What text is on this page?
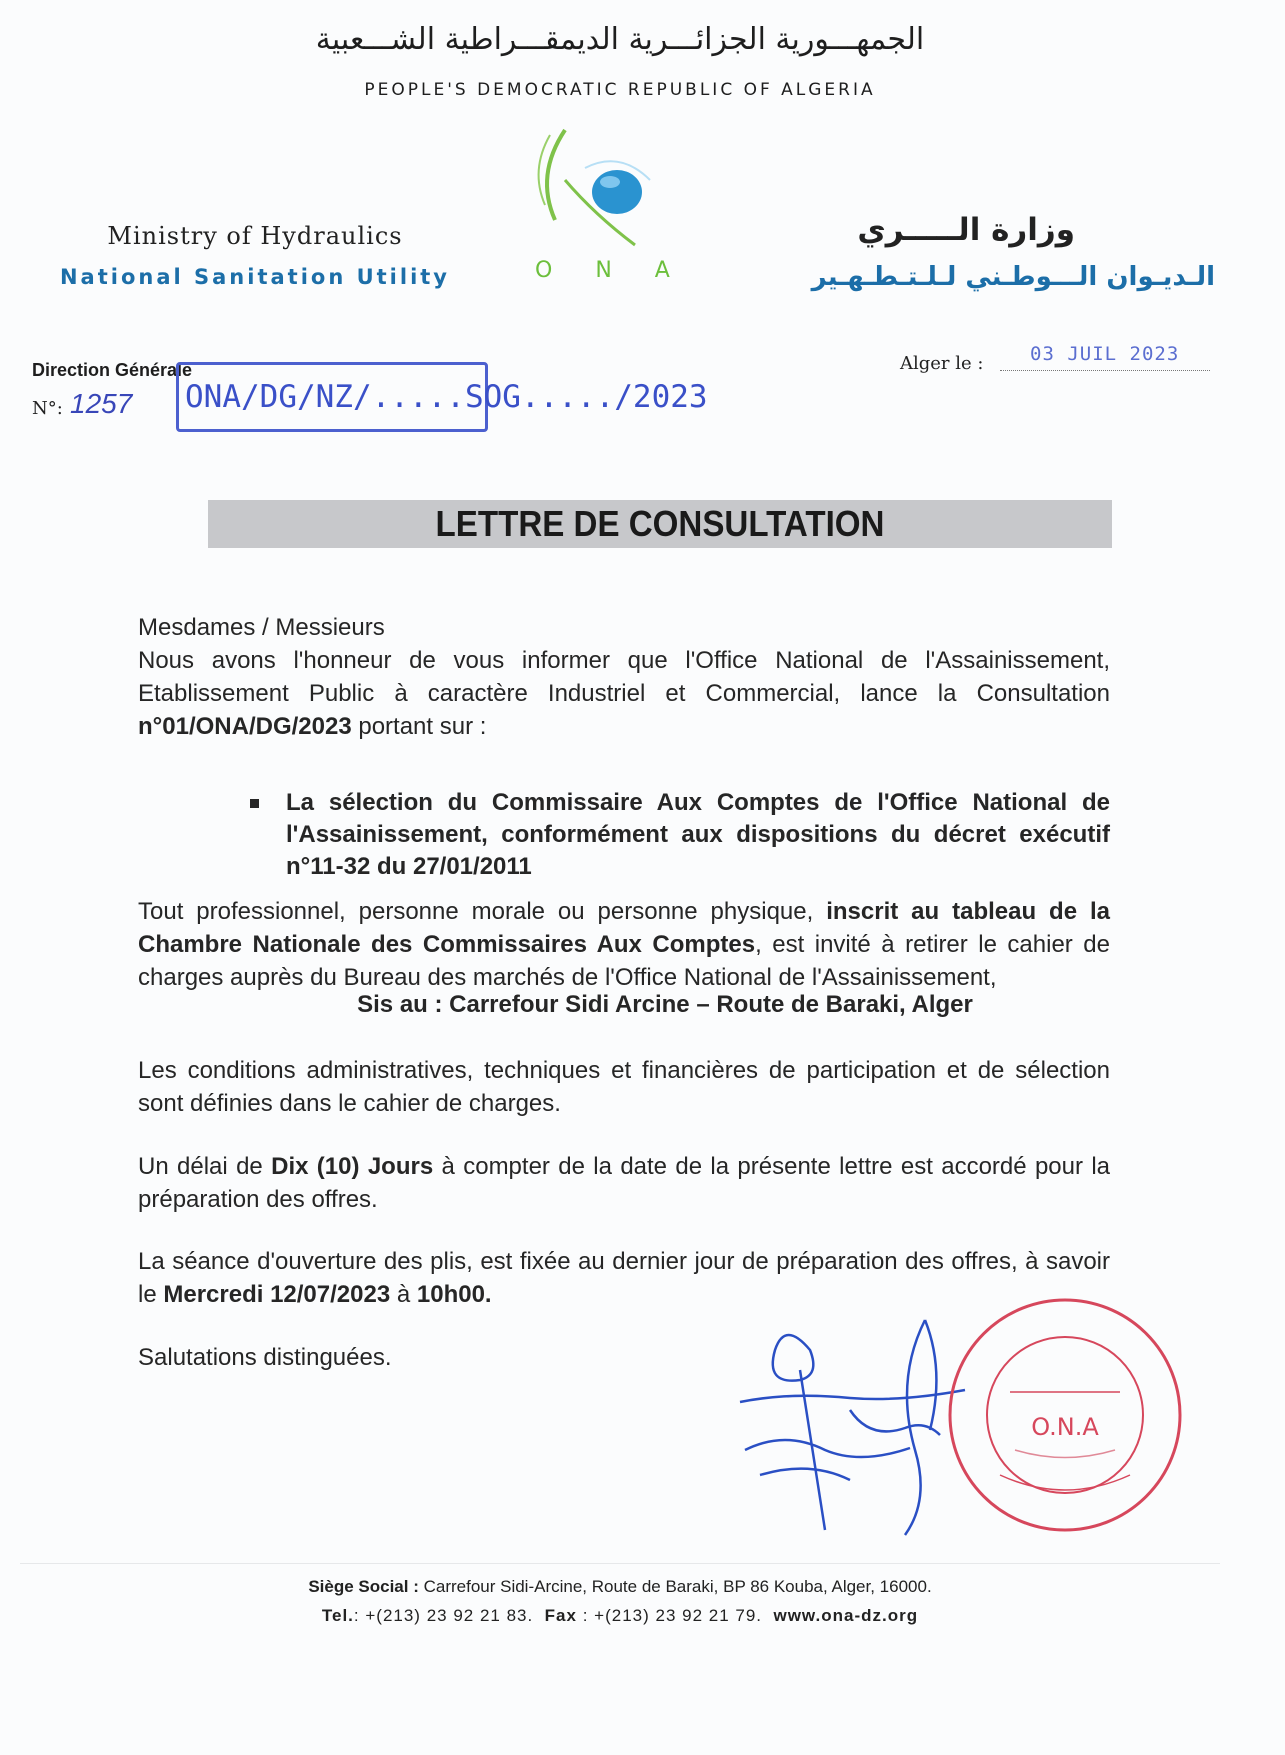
الجمهـــورية الجزائـــرية الديمقـــراطية الشـــعبية
PEOPLE'S DEMOCRATIC REPUBLIC OF ALGERIA
Ministry of Hydraulics
National Sanitation Utility
وزارة الـــــري
الـديـوان الـــوطـني لـلـتـطـهـير
ONA
Direction Générale
N°: 1257 ONA/DG/NZ/.....SOG...../2023
Alger le : 03 JUIL 2023
LETTRE DE CONSULTATION
Mesdames / Messieurs
Nous avons l'honneur de vous informer que l'Office National de l'Assainissement, Etablissement Public à caractère Industriel et Commercial, lance la Consultation n°01/ONA/DG/2023 portant sur :
La sélection du Commissaire Aux Comptes de l'Office National de l'Assainissement, conformément aux dispositions du décret exécutif n°11-32 du 27/01/2011
Tout professionnel, personne morale ou personne physique, inscrit au tableau de la Chambre Nationale des Commissaires Aux Comptes, est invité à retirer le cahier de charges auprès du Bureau des marchés de l'Office National de l'Assainissement,
Sis au : Carrefour Sidi Arcine – Route de Baraki, Alger
Les conditions administratives, techniques et financières de participation et de sélection sont définies dans le cahier de charges.
Un délai de Dix (10) Jours à compter de la date de la présente lettre est accordé pour la préparation des offres.
La séance d'ouverture des plis, est fixée au dernier jour de préparation des offres, à savoir le Mercredi 12/07/2023 à 10h00.
Salutations distinguées.
O.N.A
Siège Social : Carrefour Sidi-Arcine, Route de Baraki, BP 86 Kouba, Alger, 16000.
Tel.: +(213) 23 92 21 83. Fax : +(213) 23 92 21 79. www.ona-dz.org
